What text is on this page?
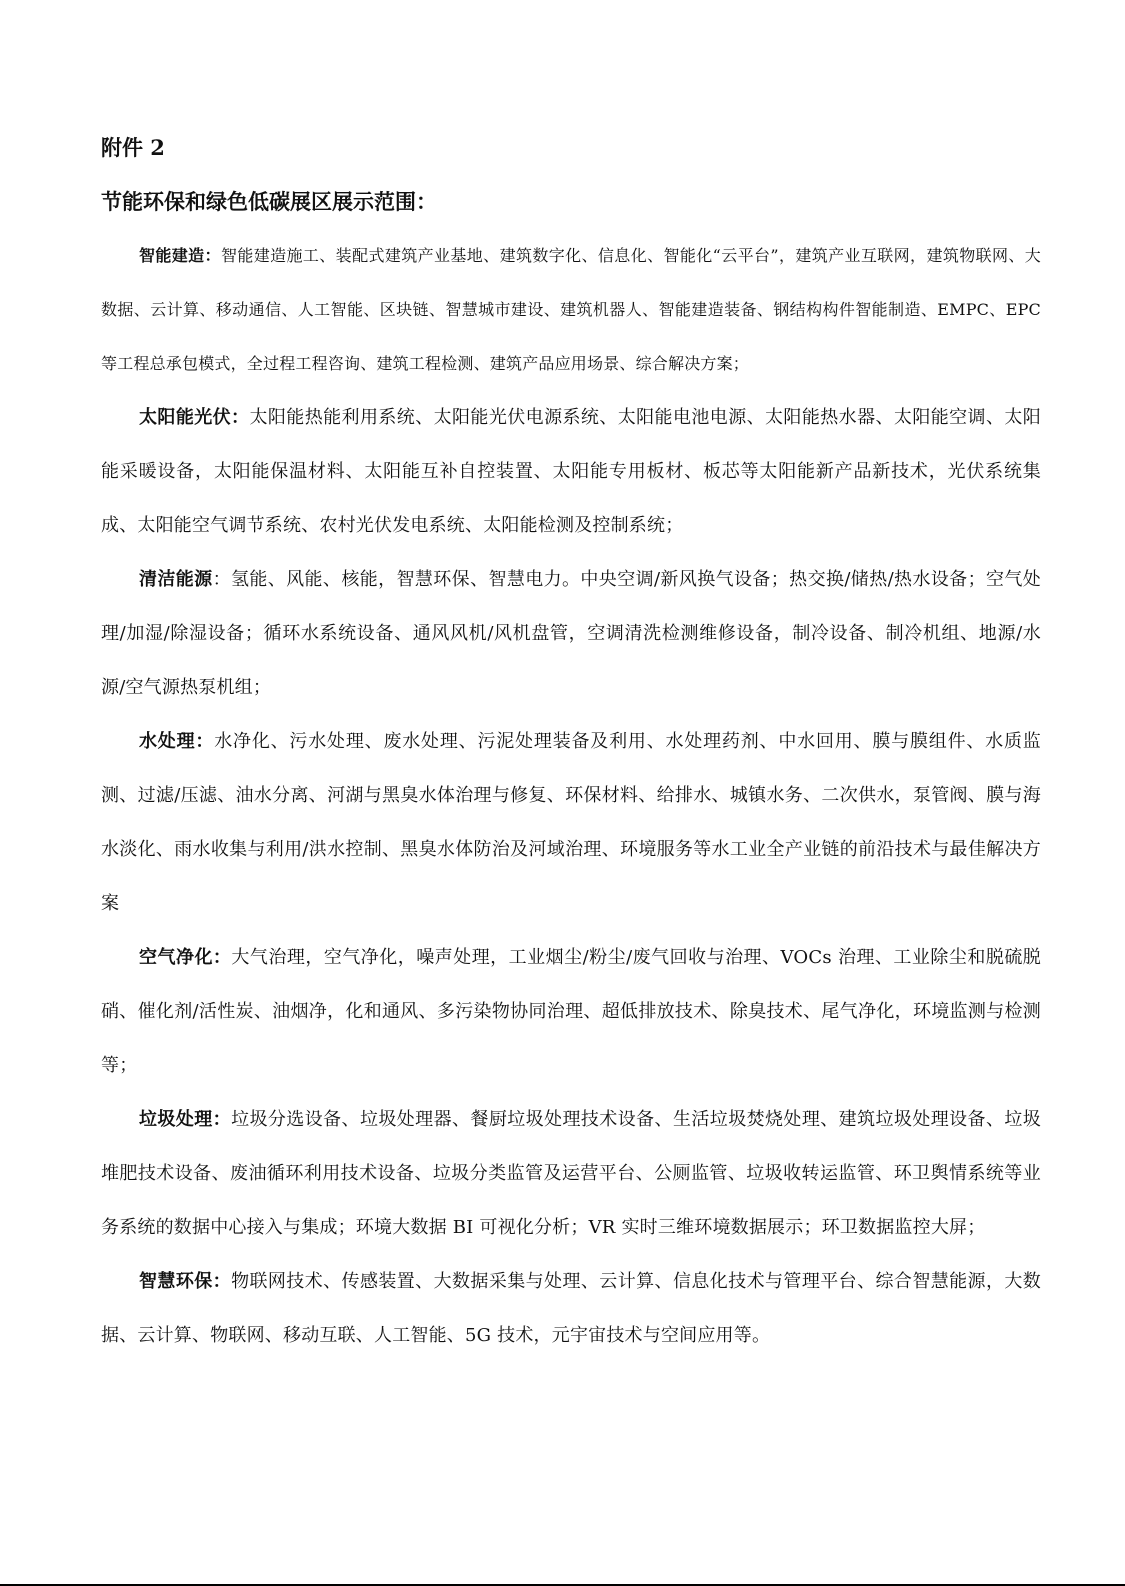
附件 2
节能环保和绿色低碳展区展示范围：

智能建造：智能建造施工、装配式建筑产业基地、建筑数字化、信息化、智能化“云平台”，建筑产业互联网，建筑物联网、大数据、云计算、移动通信、人工智能、区块链、智慧城市建设、建筑机器人、智能建造装备、钢结构构件智能制造、EMPC、EPC 等工程总承包模式，全过程工程咨询、建筑工程检测、建筑产品应用场景、综合解决方案；

太阳能光伏：太阳能热能利用系统、太阳能光伏电源系统、太阳能电池电源、太阳能热水器、太阳能空调、太阳能采暖设备，太阳能保温材料、太阳能互补自控装置、太阳能专用板材、板芯等太阳能新产品新技术，光伏系统集成、太阳能空气调节系统、农村光伏发电系统、太阳能检测及控制系统；

清洁能源：氢能、风能、核能，智慧环保、智慧电力。中央空调/新风换气设备；热交换/储热/热水设备；空气处理/加湿/除湿设备；循环水系统设备、通风风机/风机盘管，空调清洗检测维修设备，制冷设备、制冷机组、地源/水源/空气源热泵机组；

水处理：水净化、污水处理、废水处理、污泥处理装备及利用、水处理药剂、中水回用、膜与膜组件、水质监测、过滤/压滤、油水分离、河湖与黑臭水体治理与修复、环保材料、给排水、城镇水务、二次供水，泵管阀、膜与海水淡化、雨水收集与利用/洪水控制、黑臭水体防治及河域治理、环境服务等水工业全产业链的前沿技术与最佳解决方案

空气净化：大气治理，空气净化，噪声处理，工业烟尘/粉尘/废气回收与治理、VOCs 治理、工业除尘和脱硫脱硝、催化剂/活性炭、油烟净，化和通风、多污染物协同治理、超低排放技术、除臭技术、尾气净化，环境监测与检测等；

垃圾处理：垃圾分选设备、垃圾处理器、餐厨垃圾处理技术设备、生活垃圾焚烧处理、建筑垃圾处理设备、垃圾堆肥技术设备、废油循环利用技术设备、垃圾分类监管及运营平台、公厕监管、垃圾收转运监管、环卫舆情系统等业务系统的数据中心接入与集成；环境大数据 BI 可视化分析；VR 实时三维环境数据展示；环卫数据监控大屏；

智慧环保：物联网技术、传感装置、大数据采集与处理、云计算、信息化技术与管理平台、综合智慧能源，大数据、云计算、物联网、移动互联、人工智能、5G 技术，元宇宙技术与空间应用等。
